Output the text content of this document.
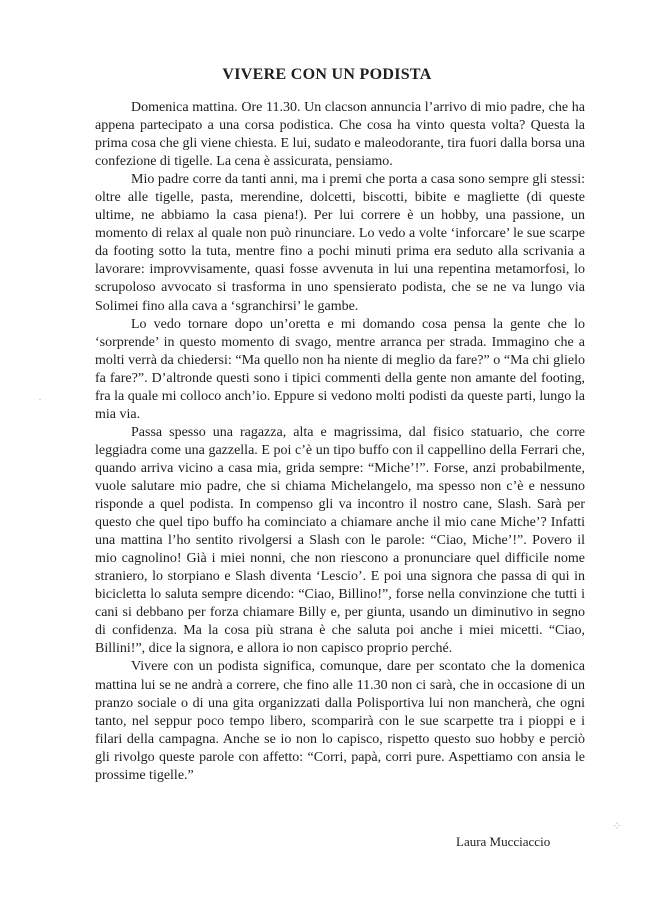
VIVERE CON UN PODISTA

Domenica mattina. Ore 11.30. Un clacson annuncia l’arrivo di mio padre, che ha appena partecipato a una corsa podistica. Che cosa ha vinto questa volta? Questa la prima cosa che gli viene chiesta. E lui, sudato e maleodorante, tira fuori dalla borsa una confezione di tigelle. La cena è assicurata, pensiamo.

Mio padre corre da tanti anni, ma i premi che porta a casa sono sempre gli stessi: oltre alle tigelle, pasta, merendine, dolcetti, biscotti, bibite e magliette (di queste ultime, ne abbiamo la casa piena!). Per lui correre è un hobby, una passione, un momento di relax al quale non può rinunciare. Lo vedo a volte ‘inforcare’ le sue scarpe da footing sotto la tuta, mentre fino a pochi minuti prima era seduto alla scrivania a lavorare: improvvisamente, quasi fosse avvenuta in lui una repentina metamorfosi, lo scrupoloso avvocato si trasforma in uno spensierato podista, che se ne va lungo via Solimei fino alla cava a ‘sgranchirsi’ le gambe.

Lo vedo tornare dopo un’oretta e mi domando cosa pensa la gente che lo ‘sorprende’ in questo momento di svago, mentre arranca per strada. Immagino che a molti verrà da chiedersi: “Ma quello non ha niente di meglio da fare?” o “Ma chi glielo fa fare?”. D’altronde questi sono i tipici commenti della gente non amante del footing, fra la quale mi colloco anch’io. Eppure si vedono molti podisti da queste parti, lungo la mia via.

Passa spesso una ragazza, alta e magrissima, dal fisico statuario, che corre leggiadra come una gazzella. E poi c’è un tipo buffo con il cappellino della Ferrari che, quando arriva vicino a casa mia, grida sempre: “Miche’!”. Forse, anzi probabilmente, vuole salutare mio padre, che si chiama Michelangelo, ma spesso non c’è e nessuno risponde a quel podista. In compenso gli va incontro il nostro cane, Slash. Sarà per questo che quel tipo buffo ha cominciato a chiamare anche il mio cane Miche’? Infatti una mattina l’ho sentito rivolgersi a Slash con le parole: “Ciao, Miche’!”. Povero il mio cagnolino! Già i miei nonni, che non riescono a pronunciare quel difficile nome straniero, lo storpiano e Slash diventa ‘Lescio’. E poi una signora che passa di qui in bicicletta lo saluta sempre dicendo: “Ciao, Billino!”, forse nella convinzione che tutti i cani si debbano per forza chiamare Billy e, per giunta, usando un diminutivo in segno di confidenza. Ma la cosa più strana è che saluta poi anche i miei micetti. “Ciao, Billini!”, dice la signora, e allora io non capisco proprio perché.

Vivere con un podista significa, comunque, dare per scontato che la domenica mattina lui se ne andrà a correre, che fino alle 11.30 non ci sarà, che in occasione di un pranzo sociale o di una gita organizzati dalla Polisportiva lui non mancherà, che ogni tanto, nel seppur poco tempo libero, scomparirà con le sue scarpette tra i pioppi e i filari della campagna. Anche se io non lo capisco, rispetto questo suo hobby e perciò gli rivolgo queste parole con affetto: “Corri, papà, corri pure. Aspettiamo con ansia le prossime tigelle.”

Laura Mucciaccio
·
⁘
